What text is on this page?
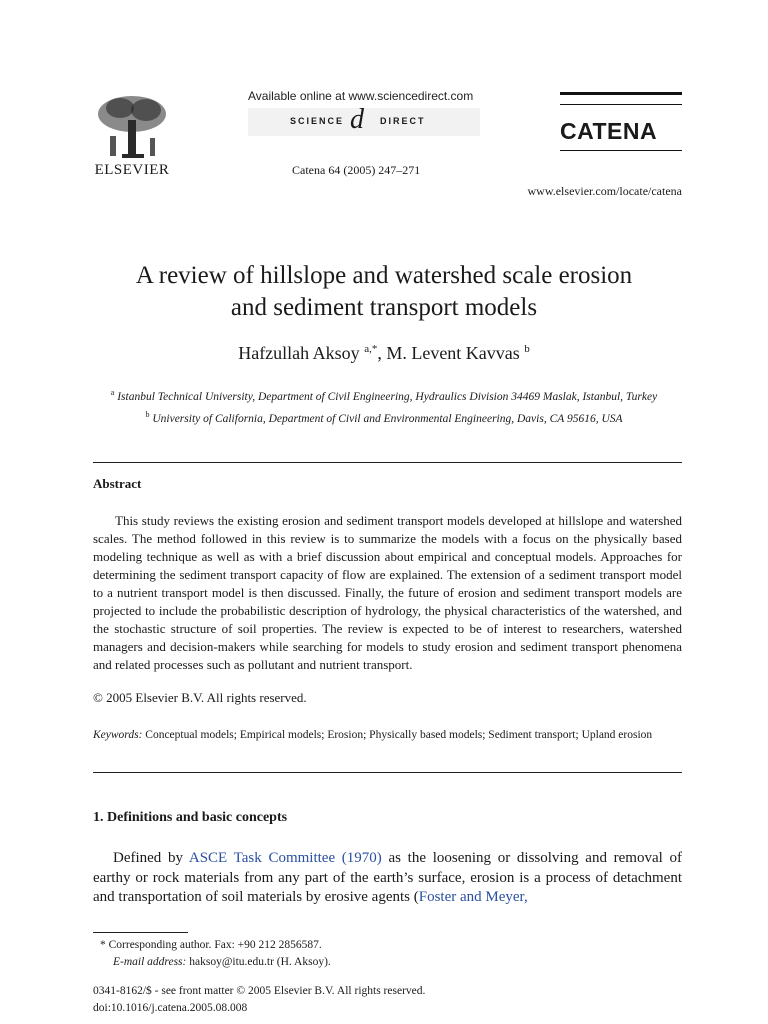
ELSEVIER
Available online at www.sciencedirect.com
SCIENCE d DIRECT
Catena 64 (2005) 247–271
CATENA
www.elsevier.com/locate/catena
A review of hillslope and watershed scale erosion
and sediment transport models
Hafzullah Aksoy $^{a,*}$, M. Levent Kavvas $^b$
$^a$ Istanbul Technical University, Department of Civil Engineering, Hydraulics Division 34469 Maslak, Istanbul, Turkey
$^b$ University of California, Department of Civil and Environmental Engineering, Davis, CA 95616, USA
Abstract
This study reviews the existing erosion and sediment transport models developed at hillslope and watershed scales. The method followed in this review is to summarize the models with a focus on the physically based modeling technique as well as with a brief discussion about empirical and conceptual models. Approaches for determining the sediment transport capacity of flow are explained. The extension of a sediment transport model to a nutrient transport model is then discussed. Finally, the future of erosion and sediment transport models are projected to include the probabilistic description of hydrology, the physical characteristics of the watershed, and the stochastic structure of soil properties. The review is expected to be of interest to researchers, watershed managers and decision-makers while searching for models to study erosion and sediment transport phenomena and related processes such as pollutant and nutrient transport.
© 2005 Elsevier B.V. All rights reserved.
Keywords: Conceptual models; Empirical models; Erosion; Physically based models; Sediment transport; Upland erosion
1. Definitions and basic concepts
Defined by ASCE Task Committee (1970) as the loosening or dissolving and removal of earthy or rock materials from any part of the earth’s surface, erosion is a process of detachment and transportation of soil materials by erosive agents (Foster and Meyer,
* Corresponding author. Fax: +90 212 2856587.
E-mail address: haksoy@itu.edu.tr (H. Aksoy).
0341-8162/$ - see front matter © 2005 Elsevier B.V. All rights reserved.
doi:10.1016/j.catena.2005.08.008
